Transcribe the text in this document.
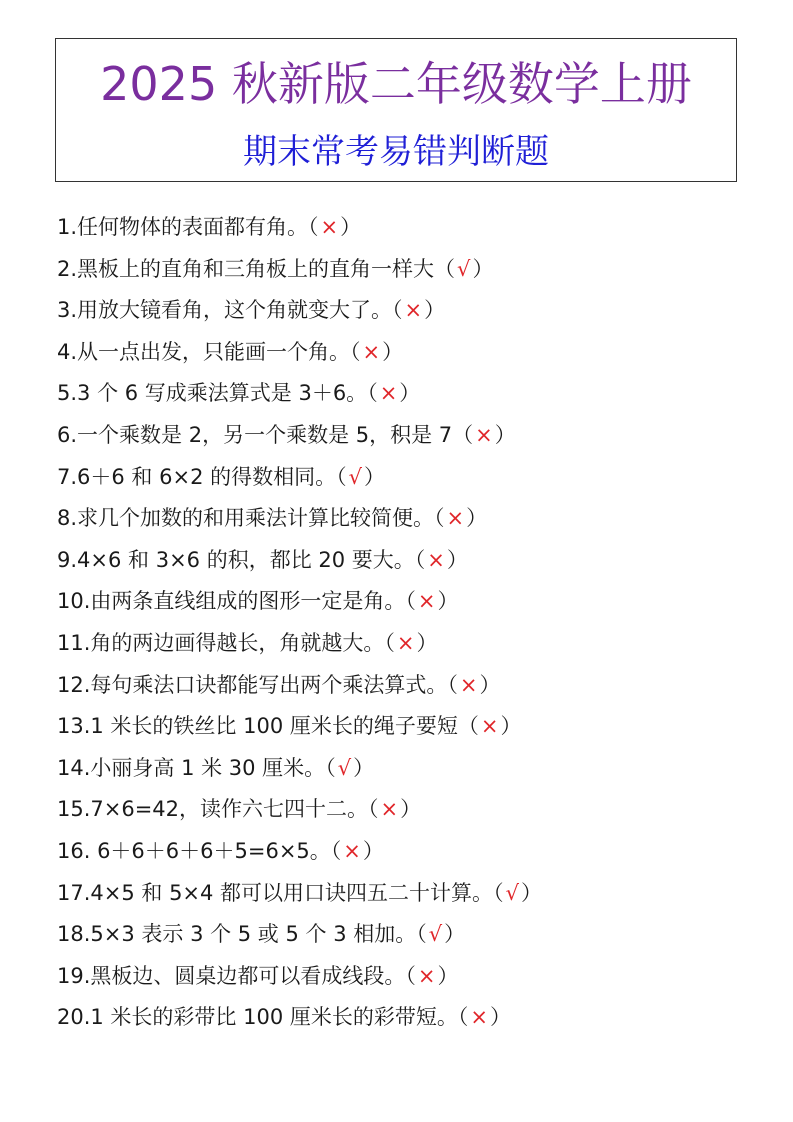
2025 秋新版二年级数学上册
期末常考易错判断题
1.任何物体的表面都有角。（×）
2.黑板上的直角和三角板上的直角一样大（√）
3.用放大镜看角，这个角就变大了。（×）
4.从一点出发，只能画一个角。（×）
5.3 个 6 写成乘法算式是 3＋6。（×）
6.一个乘数是 2，另一个乘数是 5，积是 7（×）
7.6＋6 和 6×2 的得数相同。（√）
8.求几个加数的和用乘法计算比较简便。（×）
9.4×6 和 3×6 的积，都比 20 要大。（×）
10.由两条直线组成的图形一定是角。（×）
11.角的两边画得越长，角就越大。（×）
12.每句乘法口诀都能写出两个乘法算式。（×）
13.1 米长的铁丝比 100 厘米长的绳子要短（×）
14.小丽身高 1 米 30 厘米。（√）
15.7×6=42，读作六七四十二。（×）
16. 6＋6＋6＋6＋5=6×5。（×）
17.4×5 和 5×4 都可以用口诀四五二十计算。（√）
18.5×3 表示 3 个 5 或 5 个 3 相加。（√）
19.黑板边、圆桌边都可以看成线段。（×）
20.1 米长的彩带比 100 厘米长的彩带短。（×）
